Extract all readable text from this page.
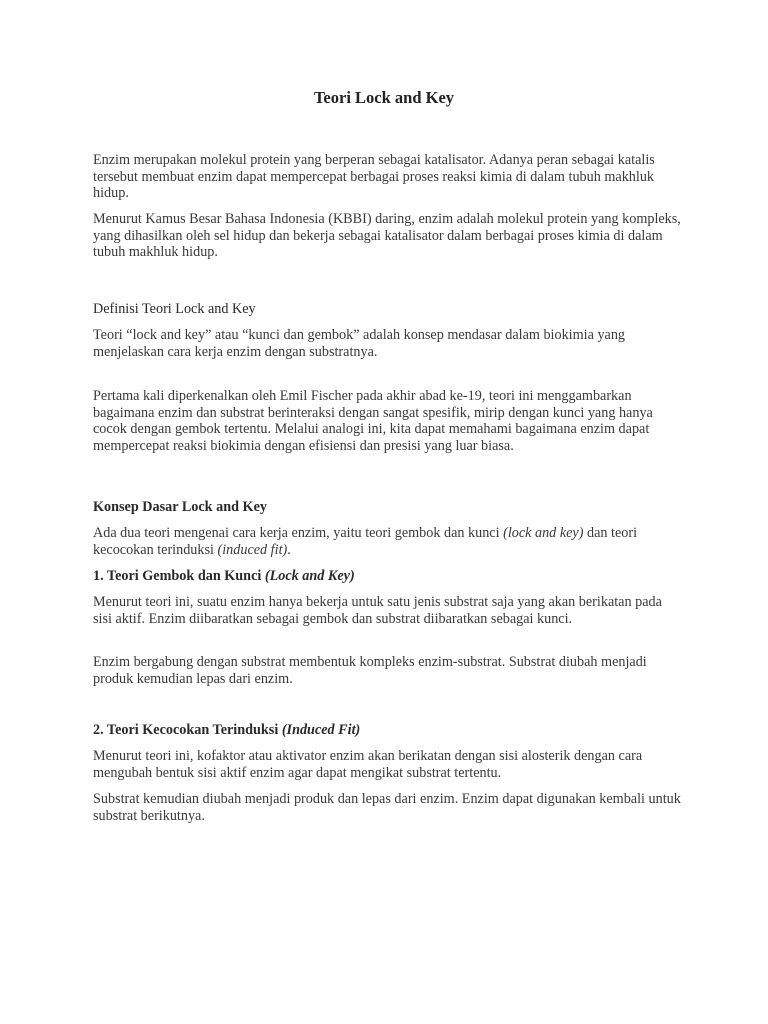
Teori Lock and Key

Enzim merupakan molekul protein yang berperan sebagai katalisator. Adanya peran sebagai katalis tersebut membuat enzim dapat mempercepat berbagai proses reaksi kimia di dalam tubuh makhluk hidup.

Menurut Kamus Besar Bahasa Indonesia (KBBI) daring, enzim adalah molekul protein yang kompleks, yang dihasilkan oleh sel hidup dan bekerja sebagai katalisator dalam berbagai proses kimia di dalam tubuh makhluk hidup.

Definisi Teori Lock and Key

Teori “lock and key” atau “kunci dan gembok” adalah konsep mendasar dalam biokimia yang menjelaskan cara kerja enzim dengan substratnya.

Pertama kali diperkenalkan oleh Emil Fischer pada akhir abad ke-19, teori ini menggambarkan bagaimana enzim dan substrat berinteraksi dengan sangat spesifik, mirip dengan kunci yang hanya cocok dengan gembok tertentu. Melalui analogi ini, kita dapat memahami bagaimana enzim dapat mempercepat reaksi biokimia dengan efisiensi dan presisi yang luar biasa.

Konsep Dasar Lock and Key

Ada dua teori mengenai cara kerja enzim, yaitu teori gembok dan kunci (lock and key) dan teori kecocokan terinduksi (induced fit).

1. Teori Gembok dan Kunci (Lock and Key)

Menurut teori ini, suatu enzim hanya bekerja untuk satu jenis substrat saja yang akan berikatan pada sisi aktif. Enzim diibaratkan sebagai gembok dan substrat diibaratkan sebagai kunci.

Enzim bergabung dengan substrat membentuk kompleks enzim-substrat. Substrat diubah menjadi produk kemudian lepas dari enzim.

2. Teori Kecocokan Terinduksi (Induced Fit)

Menurut teori ini, kofaktor atau aktivator enzim akan berikatan dengan sisi alosterik dengan cara mengubah bentuk sisi aktif enzim agar dapat mengikat substrat tertentu.

Substrat kemudian diubah menjadi produk dan lepas dari enzim. Enzim dapat digunakan kembali untuk substrat berikutnya.
